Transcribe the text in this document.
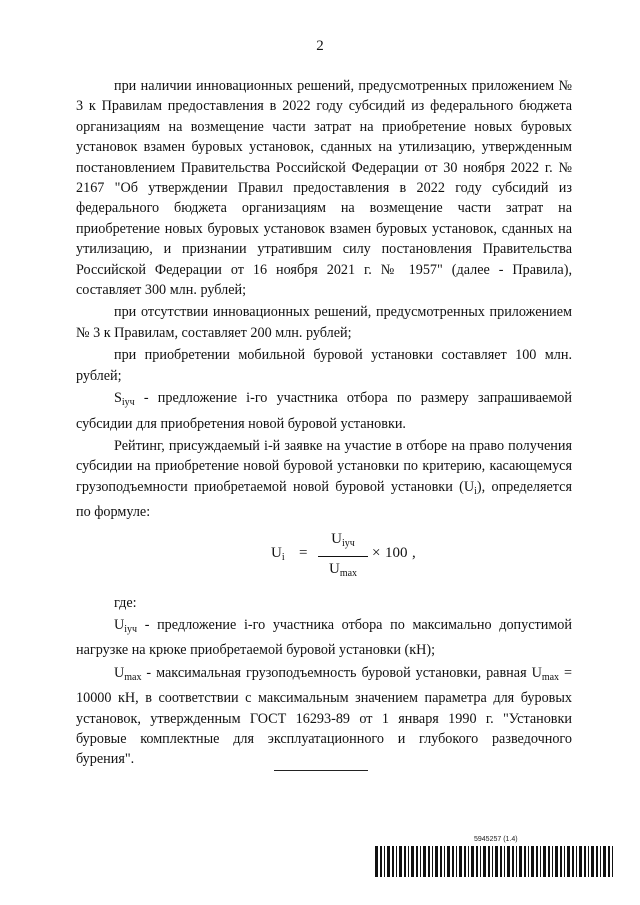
2

при наличии инновационных решений, предусмотренных приложением № 3 к Правилам предоставления в 2022 году субсидий из федерального бюджета организациям на возмещение части затрат на приобретение новых буровых установок взамен буровых установок, сданных на утилизацию, утвержденным постановлением Правительства Российской Федерации от 30 ноября 2022 г. № 2167 "Об утверждении Правил предоставления в 2022 году субсидий из федерального бюджета организациям на возмещение части затрат на приобретение новых буровых установок взамен буровых установок, сданных на утилизацию, и признании утратившим силу постановления Правительства Российской Федерации от 16 ноября 2021 г. № 1957" (далее - Правила), составляет 300 млн. рублей;

при отсутствии инновационных решений, предусмотренных приложением № 3 к Правилам, составляет 200 млн. рублей;

при приобретении мобильной буровой установки составляет 100 млн. рублей;

$S_{iуч}$ - предложение i-го участника отбора по размеру запрашиваемой субсидии для приобретения новой буровой установки.

Рейтинг, присуждаемый i-й заявке на участие в отборе на право получения субсидии на приобретение новой буровой установки по критерию, касающемуся грузоподъемности приобретаемой новой буровой установки $(U_i)$, определяется по формуле:

$U_i$ =
$U_{iуч}$
$U_{max}$
× 100 ,

где:

$U_{iуч}$ - предложение i-го участника отбора по максимально допустимой нагрузке на крюке приобретаемой буровой установки (кН);

$U_{max}$ - максимальная грузоподъемность буровой установки, равная $U_{max} = 10000$ кН, в соответствии с максимальным значением параметра для буровых установок, утвержденным ГОСТ 16293-89 от 1 января 1990 г. "Установки буровые комплектные для эксплуатационного и глубокого разведочного бурения".

5945257 (1.4)
